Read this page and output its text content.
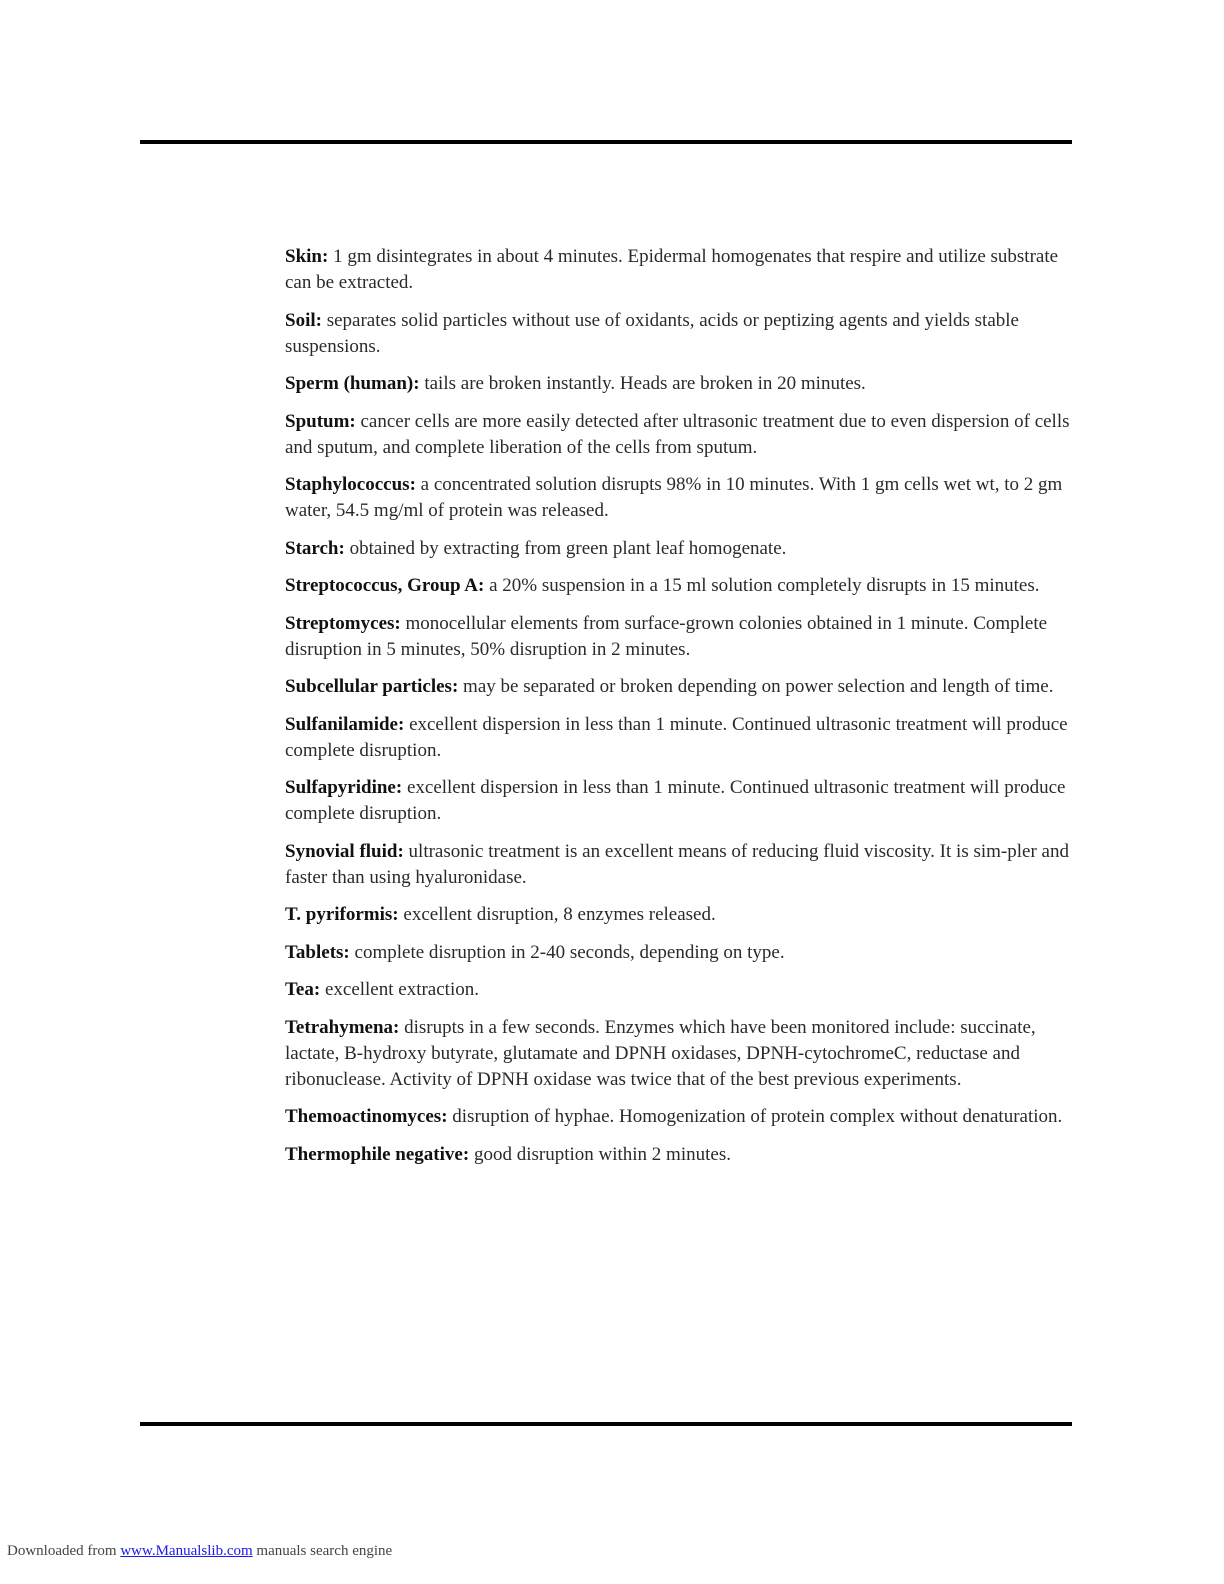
Skin: 1 gm disintegrates in about 4 minutes. Epidermal homogenates that respire and utilize substrate can be extracted.

Soil: separates solid particles without use of oxidants, acids or peptizing agents and yields stable suspensions.

Sperm (human): tails are broken instantly. Heads are broken in 20 minutes.

Sputum: cancer cells are more easily detected after ultrasonic treatment due to even dispersion of cells and sputum, and complete liberation of the cells from sputum.

Staphylococcus: a concentrated solution disrupts 98% in 10 minutes. With 1 gm cells wet wt, to 2 gm water, 54.5 mg/ml of protein was released.

Starch: obtained by extracting from green plant leaf homogenate.

Streptococcus, Group A: a 20% suspension in a 15 ml solution completely disrupts in 15 minutes.

Streptomyces: monocellular elements from surface-grown colonies obtained in 1 minute. Complete disruption in 5 minutes, 50% disruption in 2 minutes.

Subcellular particles: may be separated or broken depending on power selection and length of time.

Sulfanilamide: excellent dispersion in less than 1 minute. Continued ultrasonic treatment will produce complete disruption.

Sulfapyridine: excellent dispersion in less than 1 minute. Continued ultrasonic treatment will produce complete disruption.

Synovial fluid: ultrasonic treatment is an excellent means of reducing fluid viscosity. It is sim-pler and faster than using hyaluronidase.

T. pyriformis: excellent disruption, 8 enzymes released.

Tablets: complete disruption in 2-40 seconds, depending on type.

Tea: excellent extraction.

Tetrahymena: disrupts in a few seconds. Enzymes which have been monitored include: succinate, lactate, B-hydroxy butyrate, glutamate and DPNH oxidases, DPNH-cytochromeC, reductase and ribonuclease. Activity of DPNH oxidase was twice that of the best previous experiments.

Themoactinomyces: disruption of hyphae. Homogenization of protein complex without denaturation.

Thermophile negative: good disruption within 2 minutes.

Downloaded from www.Manualslib.com manuals search engine
